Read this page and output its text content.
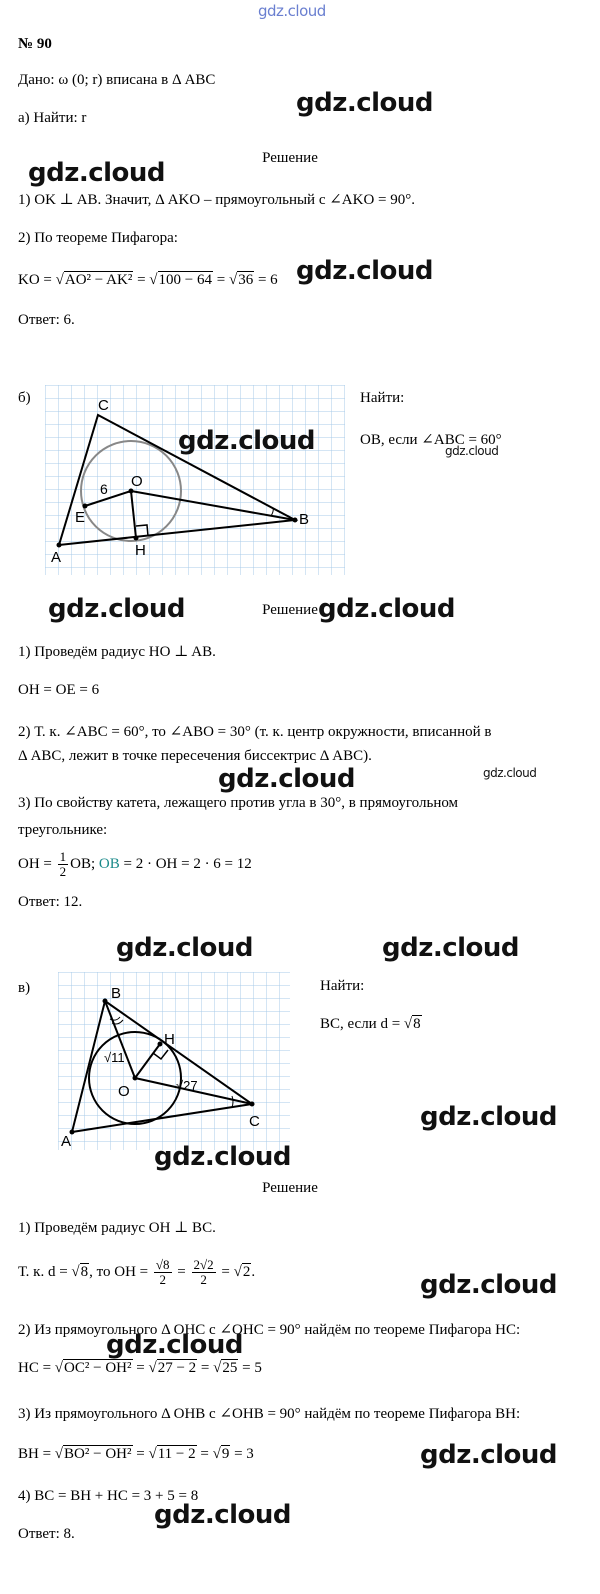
gdz.cloud
№ 90
Дано: ω (0; r) вписана в Δ ABC
а) Найти: r
Решение
1) OK ⊥ AB. Значит, Δ AKO – прямоугольный с ∠AKO = 90°.
2) По теореме Пифагора:
KO = √AO² − AK² = √100 − 64 = √36 = 6
Ответ: 6.
б)	C
O
6
E	B
H
A
Найти:
OB, если ∠ABC = 60°
Решение
1) Проведём радиус HO ⊥ AB.
OH = OE = 6
2) Т. к. ∠ABC = 60°, то ∠ABO = 30° (т. к. центр окружности, вписанной в
Δ ABC, лежит в точке пересечения биссектрис Δ ABC).
3) По свойству катета, лежащего против угла в 30°, в прямоугольном
треугольнике:
OH = $\frac{1}{2}$ OB; OB = 2 · OH = 2 · 6 = 12
Ответ: 12.
в)	B
H
√11
O	√27
C
A
Найти:
BC, если d = √8
Решение
1) Проведём радиус OH ⊥ BC.
Т. к. d = √8, то OH = $\frac{√8}{2} = \frac{2√2}{2} = √2$.
2) Из прямоугольного Δ OHC с ∠OHC = 90° найдём по теореме Пифагора HC:
HC = √OC² − OH² = √27 − 2 = √25 = 5
3) Из прямоугольного Δ OHB с ∠OHB = 90° найдём по теореме Пифагора BH:
BH = √BO² − OH² = √11 − 2 = √9 = 3
4) BC = BH + HC = 3 + 5 = 8
Ответ: 8.
gdz.cloud
gdz.cloud
gdz.cloud
gdz.cloud	gdz.cloud
gdz.cloud	gdz.cloud
gdz.cloud	gdz.cloud
gdz.cloud	gdz.cloud
gdz.cloud
gdz.cloud
gdz.cloud
gdz.cloud
gdz.cloud
gdz.cloud
